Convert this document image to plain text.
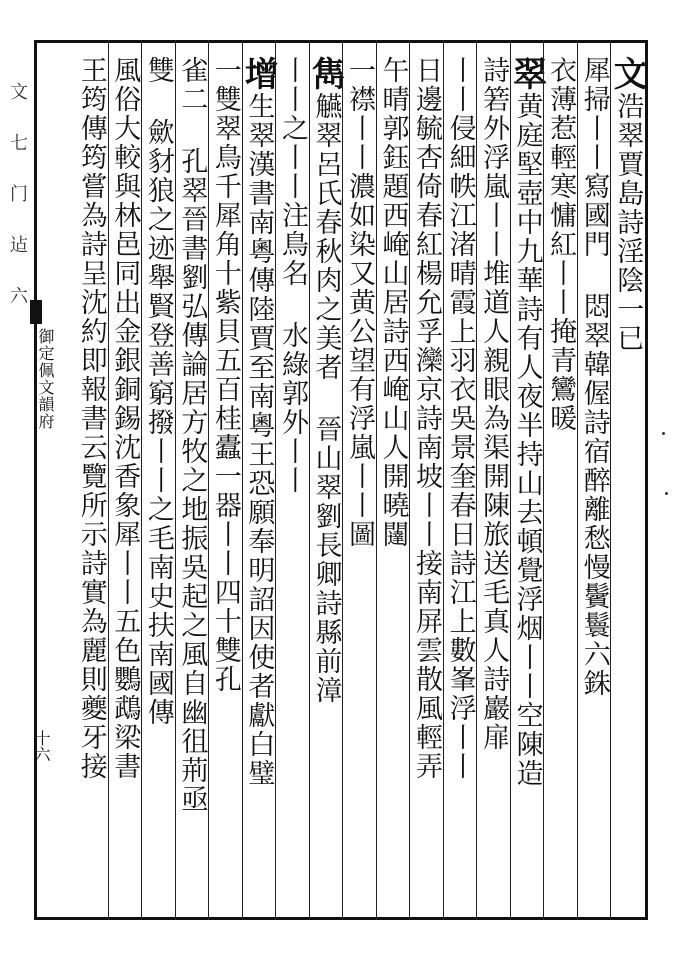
文 七 门 迠 六
御定佩文韻府
十六
文浩翠賈島詩淫陰一已
犀掃丨丨寫國門 悶翠韓偓詩宿醉離愁慢鬢鬟六銖
衣薄惹輕寒慵紅丨丨掩青鸞暖
翠黄庭堅壺中九華詩有人夜半持山去頓覺浮烟丨丨空陳造
詩箬外浮嵐丨丨堆道人親眼為渠開陳旅送毛真人詩巖扉
丨丨侵細帙江渚晴霞上羽衣吳景奎春日詩江上數峯浮丨丨
日邊毓杏倚春紅楊允孚灤京詩南坡丨丨接南屏雲散風輕弄
午晴郭鈺題西崦山居詩西崦山人開曉闥
一襟丨丨濃如染又黄公望有浮嵐丨丨圖
雋觾翠呂氏春秋肉之美者 晉山翠劉長卿詩縣前漳
丨丨之丨丨注鳥名 水綠郭外丨丨
增生翠漢書南粵傳陸賈至南粵王恐願奉明詔因使者獻白璧
一雙翠鳥千犀角十紫貝五百桂蠹一器丨丨四十雙孔
雀二 孔翠晉書劉弘傳論居方牧之地振吳起之風自幽徂荊亟
雙 歛豺狼之迹舉賢登善窮撥丨丨之毛南史扶南國傳
風俗大較與林邑同出金銀銅錫沈香象犀丨丨五色鸚鵡梁書
王筠傳筠嘗為詩呈沈約即報書云覽所示詩實為麗則夔牙接
